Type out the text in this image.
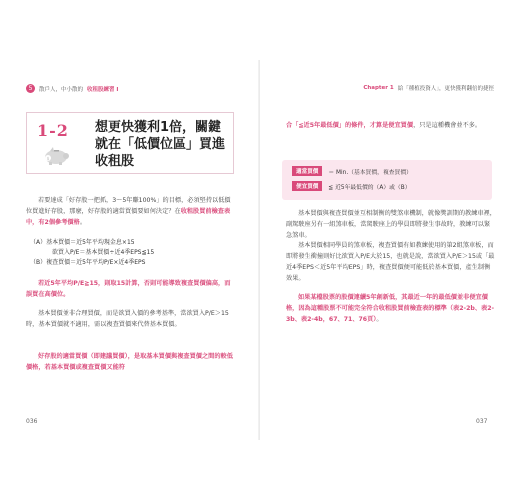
5	散戶人，中小散的 收租股練習 Ⅰ
1-2
$
想更快獲利1倍，關鍵就在「低價位區」買進收租股
若要達成「好存股一把抓，3～5年賺100%」的目標，必須堅持以低價位買進好存股，那麼，好存股的適當買價要如何決定？在收租股買前檢查表中，有2個參考價格。
（A）基本買價＝近5年平均現金息×15
欲買入P/E＝基本買價÷近4季EPS≦15
（B）複查買價＝近5年平均P/E×近4季EPS
若近5年平均P/E≧15，則取15計算，否則可能導致複查買價偏高，而誤買在高價位。
基本買價並非合理買價，而是欲買入價的參考基準，當欲買入P/E＞15時，基本買價就不適用，需以複查買價來代替基本買價。
好存股的適當買價（即建議買價），是取基本買價與複查買價之間的較低價格，若基本買價或複查買價又能符
036
Chapter 1 給「種植投資人」，更快獲利翻倍的捷徑
合「≦近5年最低價」的條件，才算是便宜買價，只是這種機會並不多。
適當買價	＝ Min.（基本買價，複查買價）
便宜買價	≦ 近5年最低價的（A）或（B）
基本買價與複查買價並互相制衡的雙煞車機制，就像獎訓期的教練車裡，副駕駛座另有一組煞車板，當駕駛座上的學員即將發生事故時，教練可以緊急煞車。
基本買價相同學員的煞車板，複查買價有如教練使用的第2組煞車板，而即將發生衝撞則好比欲買入P/E大於15，也就是說，當欲買入P/E＞15或「最近4季EPS＜近5年平均EPS」時，複查買價便可能低於基本買價，產生制衡效果。
如果某檔股票的股價連續5年創新低，其最近一年的最低價並非便宜價格，因為這種股票不可能完全符合收租股買前檢查表的標準（表2-2b、表2-3b、表2-4b，67、71、76頁）。
037
